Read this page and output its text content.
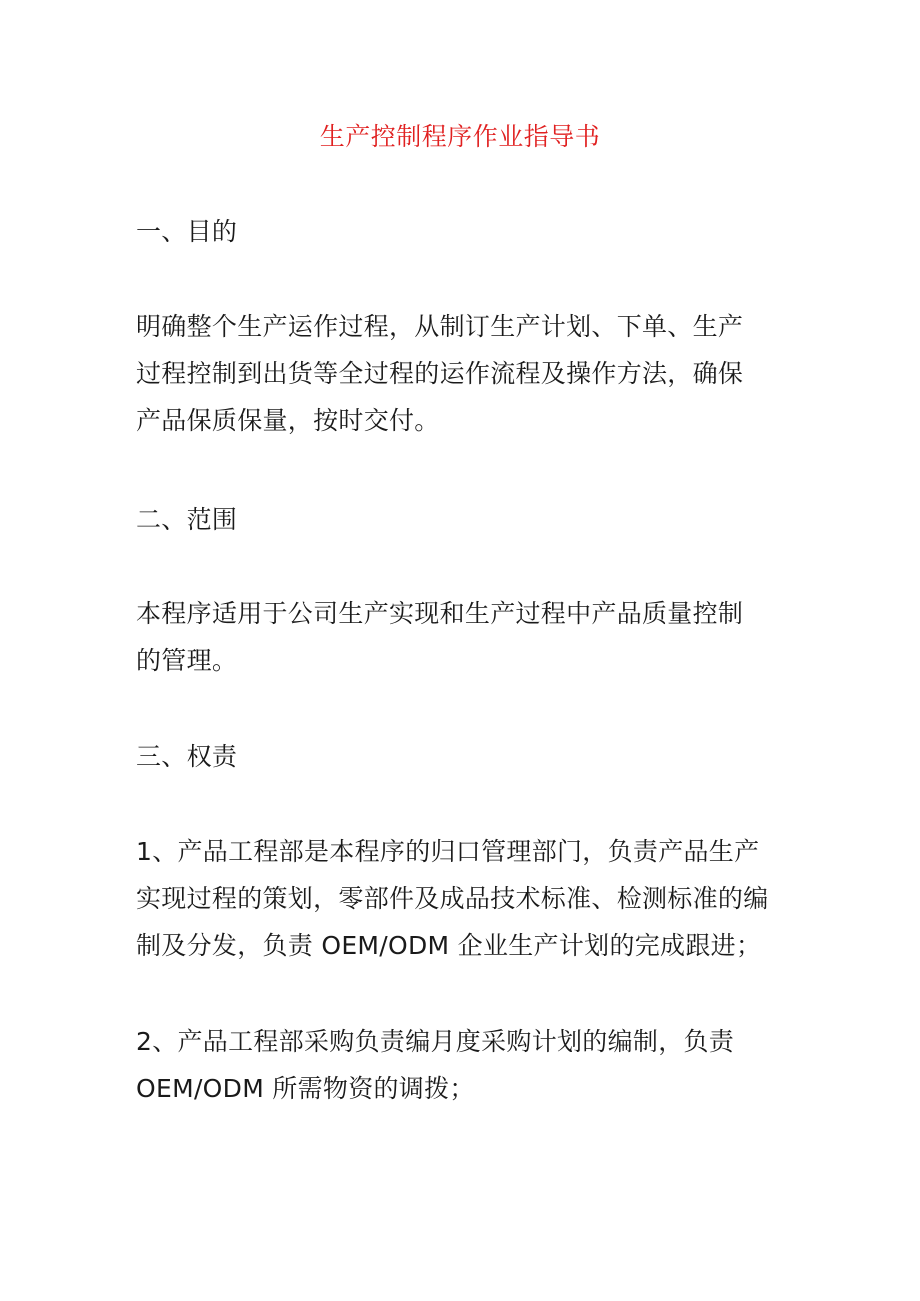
生产控制程序作业指导书
一、目的
明确整个生产运作过程，从制订生产计划、下单、生产
过程控制到出货等全过程的运作流程及操作方法，确保
产品保质保量，按时交付。
二、范围
本程序适用于公司生产实现和生产过程中产品质量控制
的管理。
三、权责
1、产品工程部是本程序的归口管理部门，负责产品生产
实现过程的策划，零部件及成品技术标准、检测标准的编
制及分发，负责 OEM/ODM 企业生产计划的完成跟进；
2、产品工程部采购负责编月度采购计划的编制，负责
OEM/ODM 所需物资的调拨；
